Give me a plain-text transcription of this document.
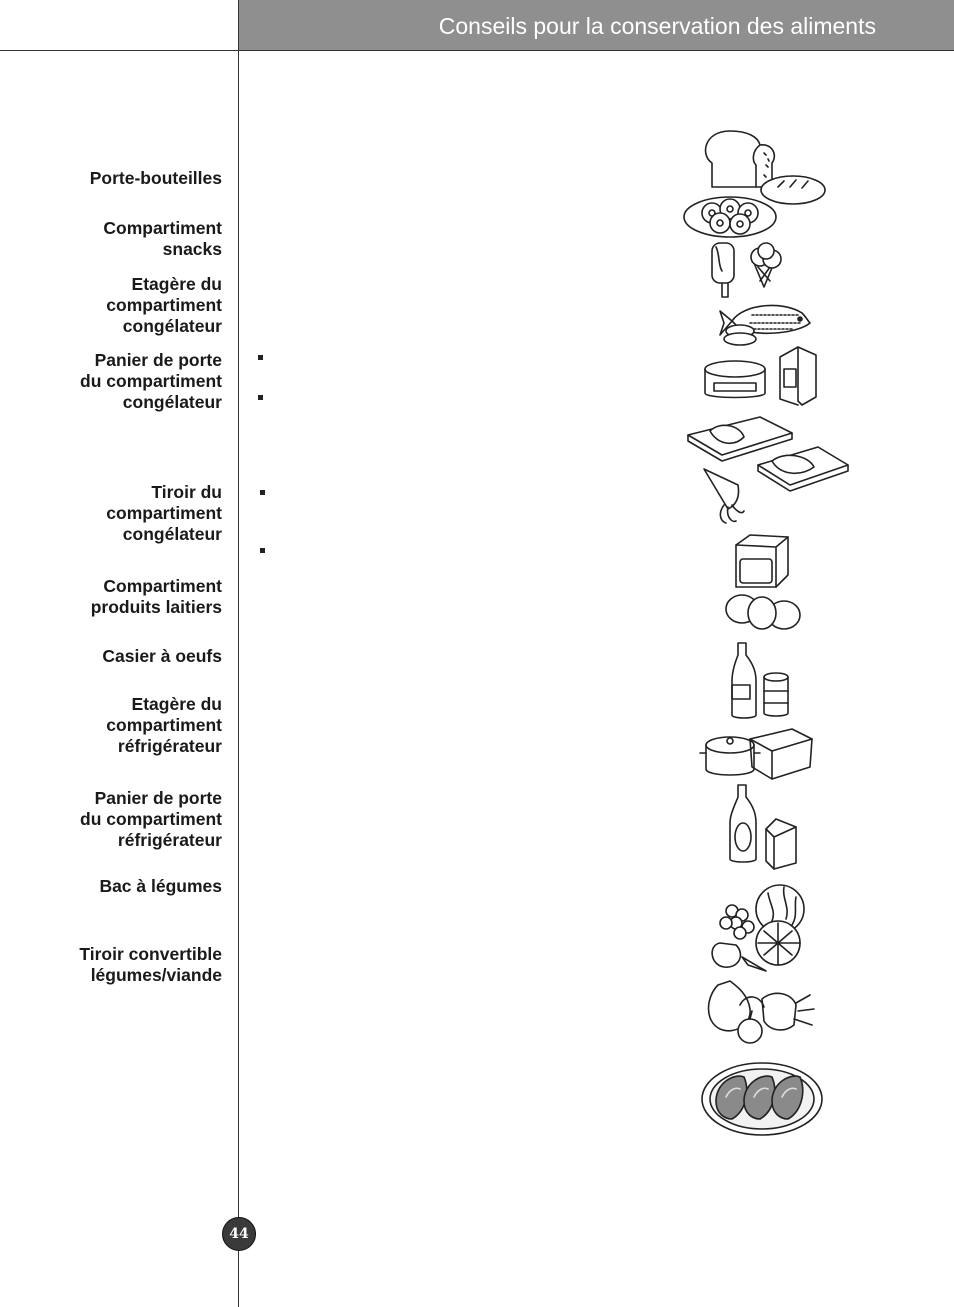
Conseils pour la conservation des aliments
Porte-bouteilles
Compartiment
snacks
Etagère du
compartiment
congélateur
Panier de porte
du compartiment
congélateur
Tiroir du
compartiment
congélateur
Compartiment
produits laitiers
Casier à oeufs
Etagère du
compartiment
réfrigérateur
Panier de porte
du compartiment
réfrigérateur
Bac à légumes
Tiroir convertible
légumes/viande
44
